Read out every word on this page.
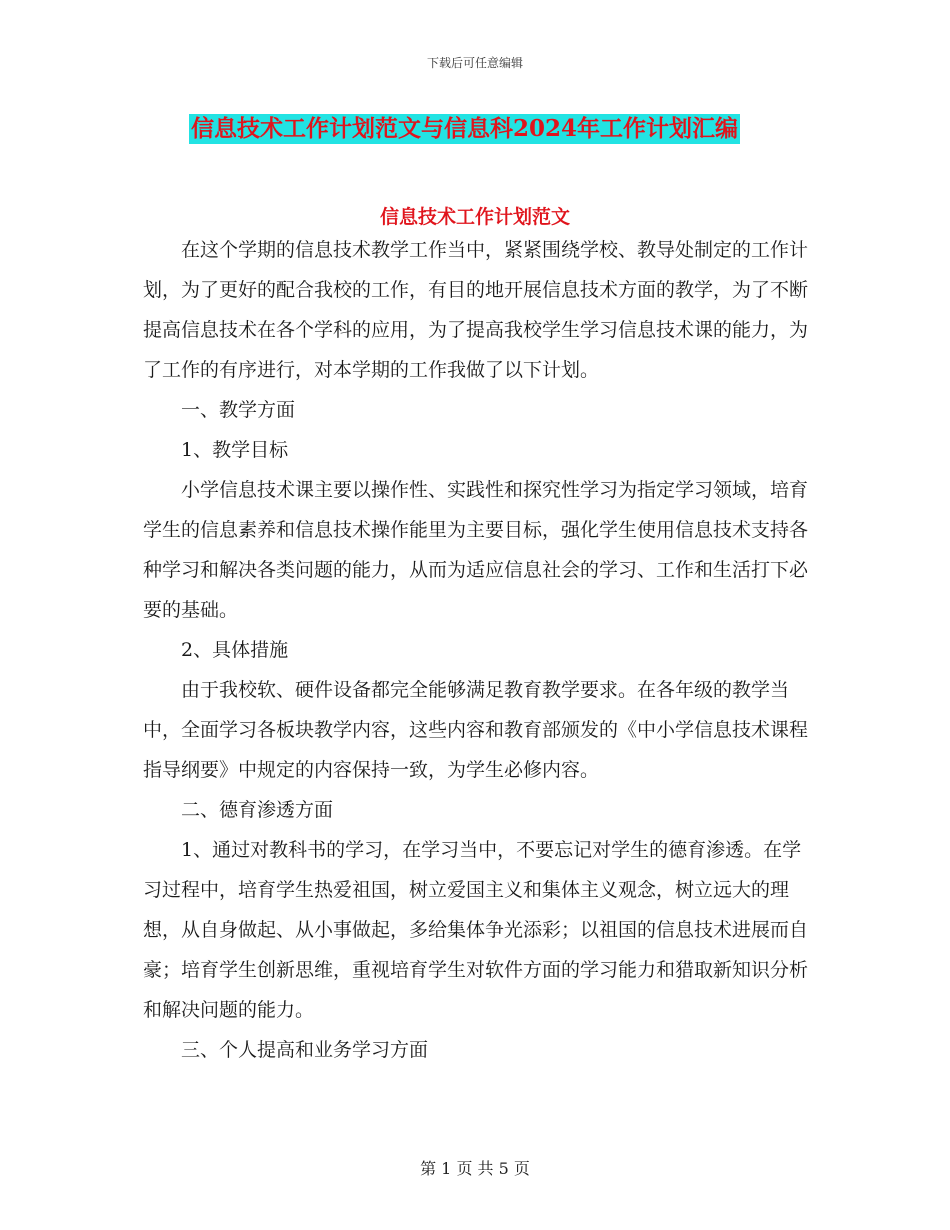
下载后可任意编辑
信息技术工作计划范文与信息科2024年工作计划汇编
信息技术工作计划范文

在这个学期的信息技术教学工作当中，紧紧围绕学校、教导处制定的工作计划，为了更好的配合我校的工作，有目的地开展信息技术方面的教学，为了不断提高信息技术在各个学科的应用，为了提高我校学生学习信息技术课的能力，为了工作的有序进行，对本学期的工作我做了以下计划。

一、教学方面

1、教学目标

小学信息技术课主要以操作性、实践性和探究性学习为指定学习领域，培育学生的信息素养和信息技术操作能里为主要目标，强化学生使用信息技术支持各种学习和解决各类问题的能力，从而为适应信息社会的学习、工作和生活打下必要的基础。

2、具体措施

由于我校软、硬件设备都完全能够满足教育教学要求。在各年级的教学当中，全面学习各板块教学内容，这些内容和教育部颁发的《中小学信息技术课程指导纲要》中规定的内容保持一致，为学生必修内容。

二、德育渗透方面

1、通过对教科书的学习，在学习当中，不要忘记对学生的德育渗透。在学习过程中，培育学生热爱祖国，树立爱国主义和集体主义观念，树立远大的理想，从自身做起、从小事做起，多给集体争光添彩；以祖国的信息技术进展而自豪；培育学生创新思维，重视培育学生对软件方面的学习能力和猎取新知识分析和解决问题的能力。

三、个人提高和业务学习方面

第 1 页 共 5 页
